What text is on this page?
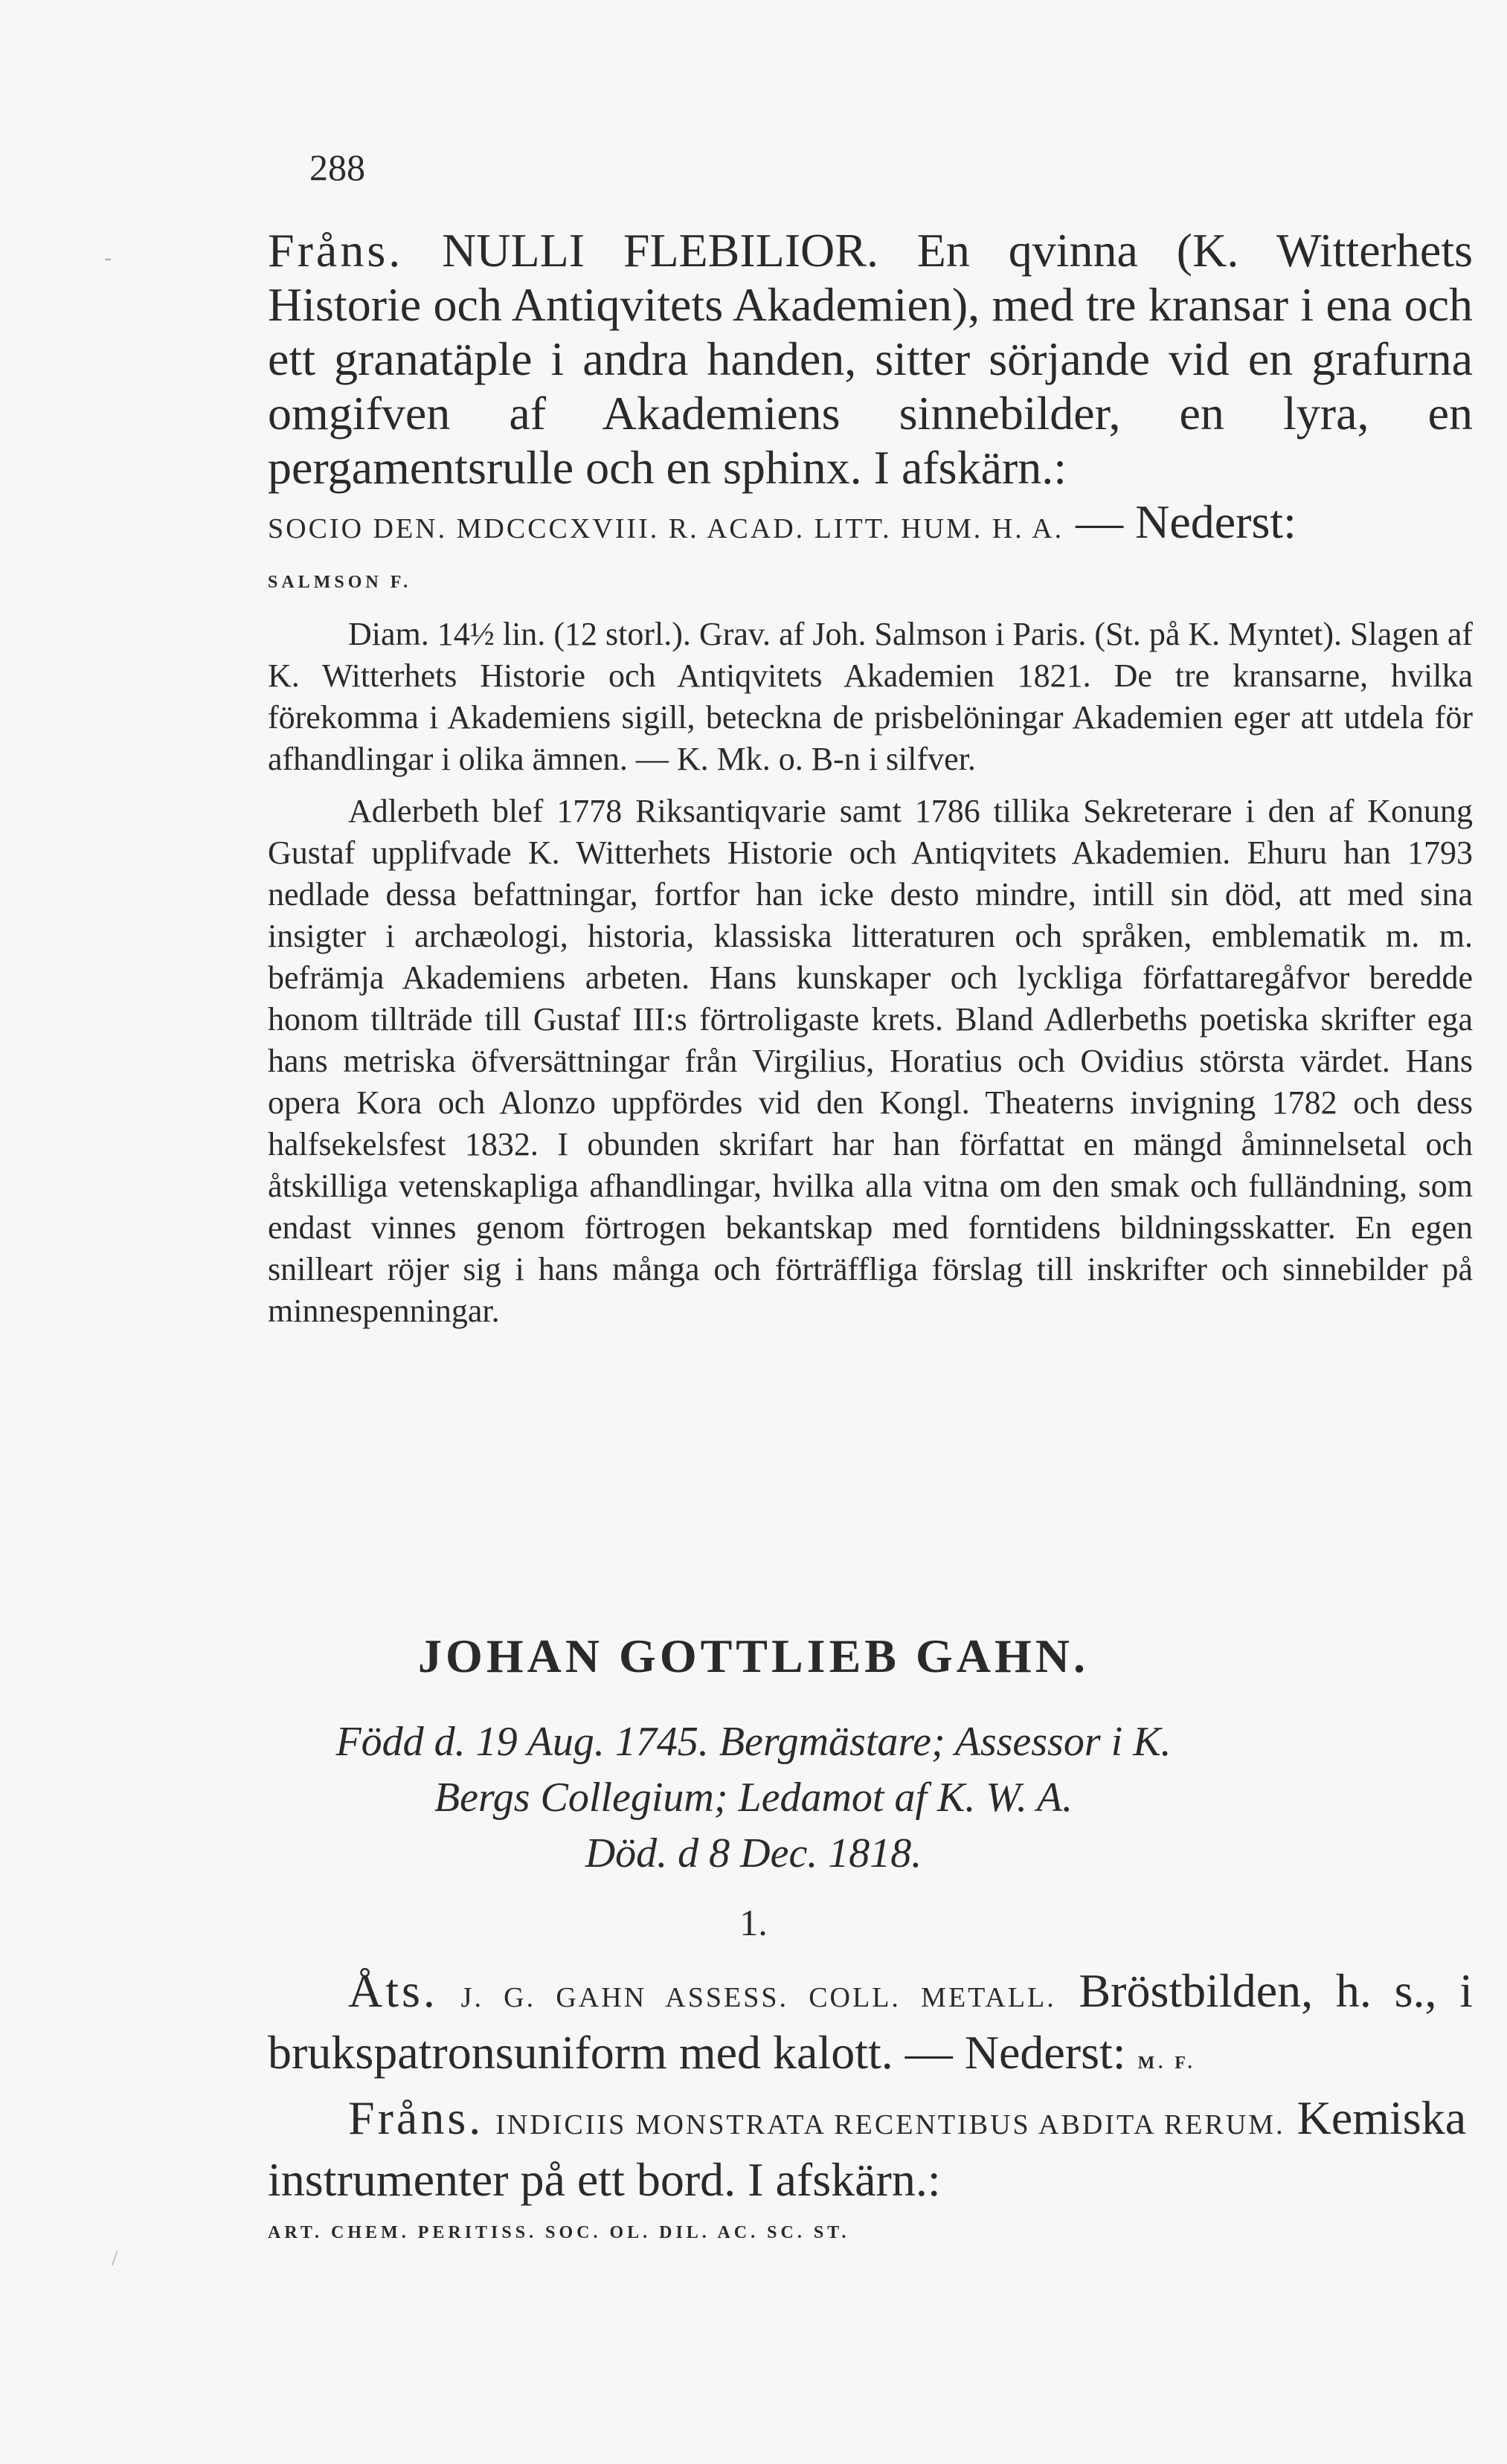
288

Fråns. NULLI FLEBILIOR. En qvinna (K. Witterhets Historie och Antiqvitets Akademien), med tre kransar i ena och ett granatäple i andra handen, sitter sörjande vid en grafurna omgifven af Akademiens sinnebilder, en lyra, en pergamentsrulle och en sphinx. I afskärn.:

SOCIO DEN. MDCCCXVIII. R. ACAD. LITT. HUM. H. A. — Nederst:

SALMSON F.

Diam. 14½ lin. (12 storl.). Grav. af Joh. Salmson i Paris. (St. på K. Myntet). Slagen af K. Witterhets Historie och Antiqvitets Akademien 1821. De tre kransarne, hvilka förekomma i Akademiens sigill, beteckna de prisbelöningar Akademien eger att utdela för afhandlingar i olika ämnen. — K. Mk. o. B-n i silfver.

Adlerbeth blef 1778 Riksantiqvarie samt 1786 tillika Sekreterare i den af Konung Gustaf upplifvade K. Witterhets Historie och Antiqvitets Akademien. Ehuru han 1793 nedlade dessa befattningar, fortfor han icke desto mindre, intill sin död, att med sina insigter i archæologi, historia, klassiska litteraturen och språken, emblematik m. m. befrämja Akademiens arbeten. Hans kunskaper och lyckliga författaregåfvor beredde honom tillträde till Gustaf III:s förtroligaste krets. Bland Adlerbeths poetiska skrifter ega hans metriska öfversättningar från Virgilius, Horatius och Ovidius största värdet. Hans opera Kora och Alonzo uppfördes vid den Kongl. Theaterns invigning 1782 och dess halfsekelsfest 1832. I obunden skrifart har han författat en mängd åminnelsetal och åtskilliga vetenskapliga afhandlingar, hvilka alla vitna om den smak och fulländning, som endast vinnes genom förtrogen bekantskap med forntidens bildningsskatter. En egen snilleart röjer sig i hans många och förträffliga förslag till inskrifter och sinnebilder på minnespenningar.

JOHAN GOTTLIEB GAHN.

Född d. 19 Aug. 1745. Bergmästare; Assessor i K.

Bergs Collegium; Ledamot af K. W. A.

Död. d 8 Dec. 1818.

1.

Åts. J. G. GAHN ASSESS. COLL. METALL. Bröstbilden, h. s., i brukspatronsuniform med kalott. — Nederst: M. F.

Fråns. INDICIIS MONSTRATA RECENTIBUS ABDITA RERUM. Kemiska instrumenter på ett bord. I afskärn.:

ART. CHEM. PERITISS. SOC. OL. DIL. AC. SC. ST.

-
/
